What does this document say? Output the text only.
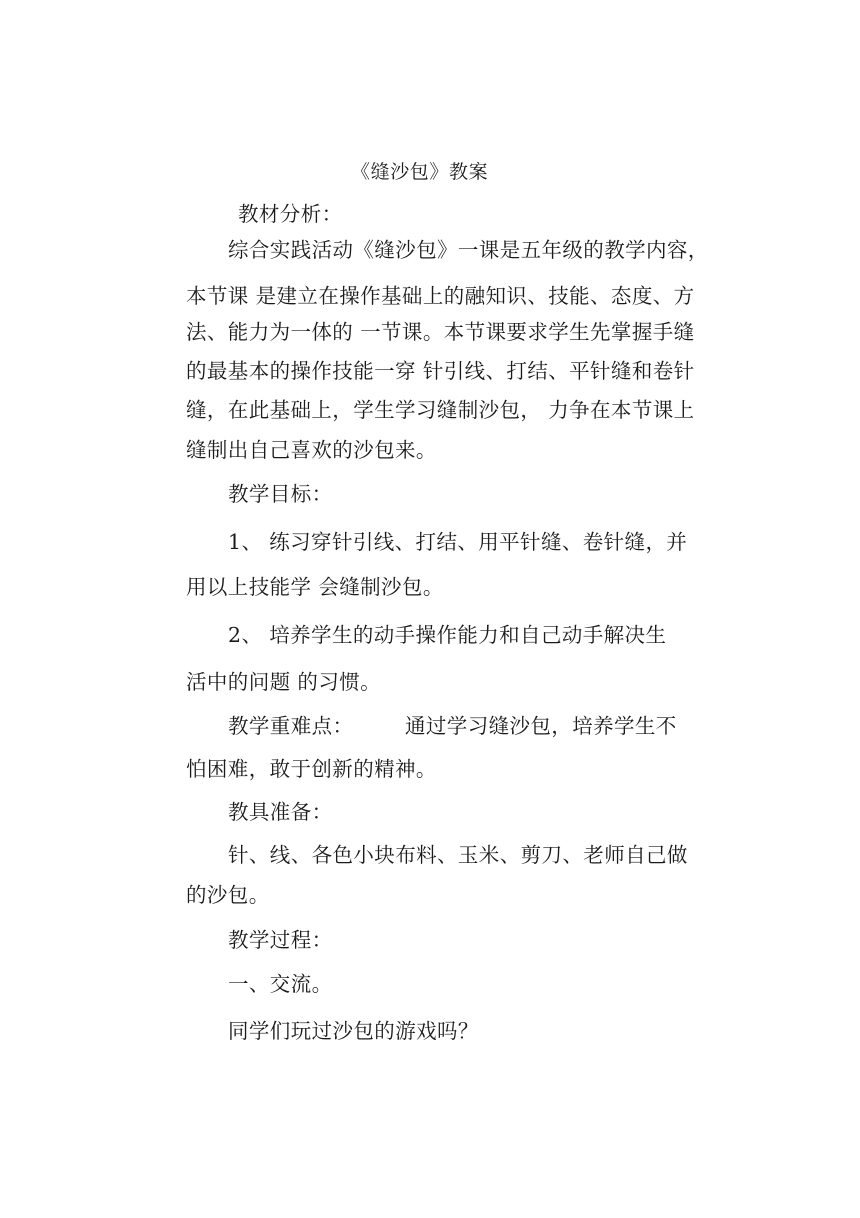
《缝沙包》教案
教材分析：
综合实践活动《缝沙包》一课是五年级的教学内容，
本节课 是建立在操作基础上的融知识、技能、态度、方
法、能力为一体的 一节课。本节课要求学生先掌握手缝
的最基本的操作技能一穿 针引线、打结、平针缝和卷针
缝，在此基础上，学生学习缝制沙包， 力争在本节课上
缝制出自己喜欢的沙包来。
教学目标：
1、 练习穿针引线、打结、用平针缝、卷针缝，并
用以上技能学 会缝制沙包。
2、 培养学生的动手操作能力和自己动手解决生
活中的问题 的习惯。
教学重难点：	通过学习缝沙包，培养学生不
怕困难，敢于创新的精神。
教具准备：
针、线、各色小块布料、玉米、剪刀、老师自己做
的沙包。
教学过程：
一、交流。
同学们玩过沙包的游戏吗？
